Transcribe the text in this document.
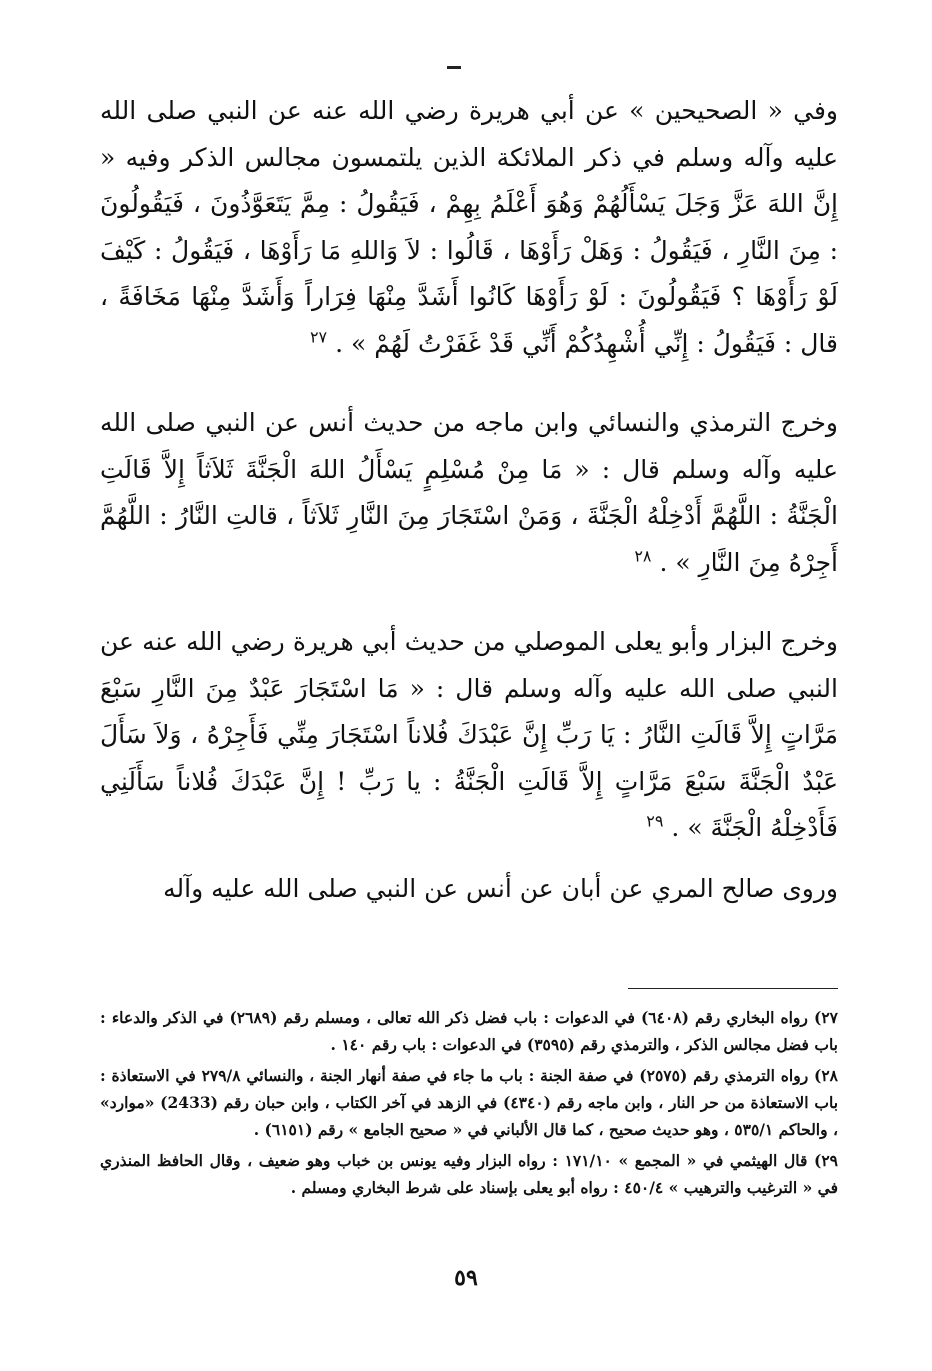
وفي « الصحيحين » عن أبي هريرة رضي الله عنه عن النبي صلى الله عليه وآله وسلم في ذكر الملائكة الذين يلتمسون مجالس الذكر وفيه « إِنَّ اللهَ عَزَّ وَجَلَ يَسْأَلُهُمْ وَهُوَ أَعْلَمُ بِهِمْ ، فَيَقُولُ : مِمَّ يَتَعَوَّذُونَ ، فَيَقُولُونَ : مِنَ النَّارِ ، فَيَقُولُ : وَهَلْ رَأَوْهَا ، قَالُوا : لاَ وَاللهِ مَا رَأَوْهَا ، فَيَقُولُ : كَيْفَ لَوْ رَأَوْهَا ؟ فَيَقُولُونَ : لَوْ رَأَوْهَا كَانُوا أَشَدَّ مِنْهَا فِرَاراً وَأَشَدَّ مِنْهَا مَخَافَةً ، قال : فَيَقُولُ : إِنِّي أُشْهِدُكُمْ أَنِّي قَدْ غَفَرْتُ لَهُمْ » . $^{٢٧}$

وخرج الترمذي والنسائي وابن ماجه من حديث أنس عن النبي صلى الله عليه وآله وسلم قال : « مَا مِنْ مُسْلِمٍ يَسْأَلُ اللهَ الْجَنَّةَ ثَلاَثاً إِلاَّ قَالَتِ الْجَنَّةُ : اللَّهُمَّ أَدْخِلْهُ الْجَنَّةَ ، وَمَنْ اسْتَجَارَ مِنَ النَّارِ ثَلاَثاً ، قالتِ النَّارُ : اللَّهُمَّ أَجِرْهُ مِنَ النَّارِ » . $^{٢٨}$

وخرج البزار وأبو يعلى الموصلي من حديث أبي هريرة رضي الله عنه عن النبي صلى الله عليه وآله وسلم قال : « مَا اسْتَجَارَ عَبْدٌ مِنَ النَّارِ سَبْعَ مَرَّاتٍ إِلاَّ قَالَتِ النَّارُ : يَا رَبِّ إِنَّ عَبْدَكَ فُلاناً اسْتَجَارَ مِنِّي فَأَجِرْهُ ، وَلاَ سَأَلَ عَبْدٌ الْجَنَّةَ سَبْعَ مَرَّاتٍ إِلاَّ قَالَتِ الْجَنَّةُ : يا رَبِّ ! إِنَّ عَبْدَكَ فُلاناً سَأَلَنِي فَأَدْخِلْهُ الْجَنَّةَ » . $^{٢٩}$

وروى صالح المري عن أبان عن أنس عن النبي صلى الله عليه وآله

٢٧) رواه البخاري رقم (٦٤٠٨) في الدعوات : باب فضل ذكر الله تعالى ، ومسلم رقم (٢٦٨٩) في الذكر والدعاء : باب فضل مجالس الذكر ، والترمذي رقم (٣٥٩٥) في الدعوات : باب رقم ١٤٠ .

٢٨) رواه الترمذي رقم (٢٥٧٥) في صفة الجنة : باب ما جاء في صفة أنهار الجنة ، والنسائي ٢٧٩/٨ في الاستعاذة : باب الاستعاذة من حر النار ، وابن ماجه رقم (٤٣٤٠) في الزهد في آخر الكتاب ، وابن حبان رقم (2433) «موارد» ، والحاكم ٥٣٥/١ ، وهو حديث صحيح ، كما قال الألباني في « صحيح الجامع » رقم (٦١٥١) .

٢٩) قال الهيثمي في « المجمع » ١٧١/١٠ : رواه البزار وفيه يونس بن خباب وهو ضعيف ، وقال الحافظ المنذري في « الترغيب والترهيب » ٤٥٠/٤ : رواه أبو يعلى بإسناد على شرط البخاري ومسلم .

٥٩
